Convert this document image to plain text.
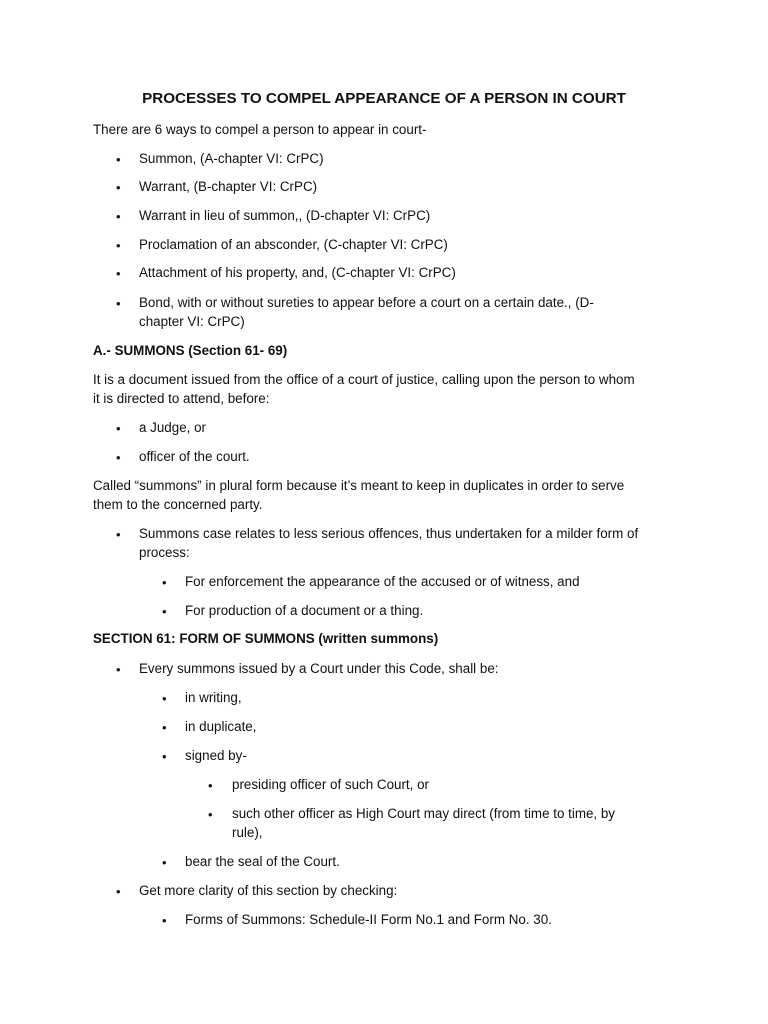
PROCESSES TO COMPEL APPEARANCE OF A PERSON IN COURT

There are 6 ways to compel a person to appear in court-

• Summon, (A-chapter VI: CrPC)

• Warrant, (B-chapter VI: CrPC)

• Warrant in lieu of summon,, (D-chapter VI: CrPC)

• Proclamation of an absconder, (C-chapter VI: CrPC)

• Attachment of his property, and, (C-chapter VI: CrPC)

• Bond, with or without sureties to appear before a court on a certain date., (D-

chapter VI: CrPC)

A.- SUMMONS (Section 61- 69)

It is a document issued from the office of a court of justice, calling upon the person to whom

it is directed to attend, before:

• a Judge, or

• officer of the court.

Called “summons” in plural form because it’s meant to keep in duplicates in order to serve

them to the concerned party.

• Summons case relates to less serious offences, thus undertaken for a milder form of

process:

• For enforcement the appearance of the accused or of witness, and

• For production of a document or a thing.

SECTION 61: FORM OF SUMMONS (written summons)

• Every summons issued by a Court under this Code, shall be:

• in writing,

• in duplicate,

• signed by-

• presiding officer of such Court, or

• such other officer as High Court may direct (from time to time, by

rule),

• bear the seal of the Court.

• Get more clarity of this section by checking:

• Forms of Summons: Schedule-II Form No.1 and Form No. 30.
